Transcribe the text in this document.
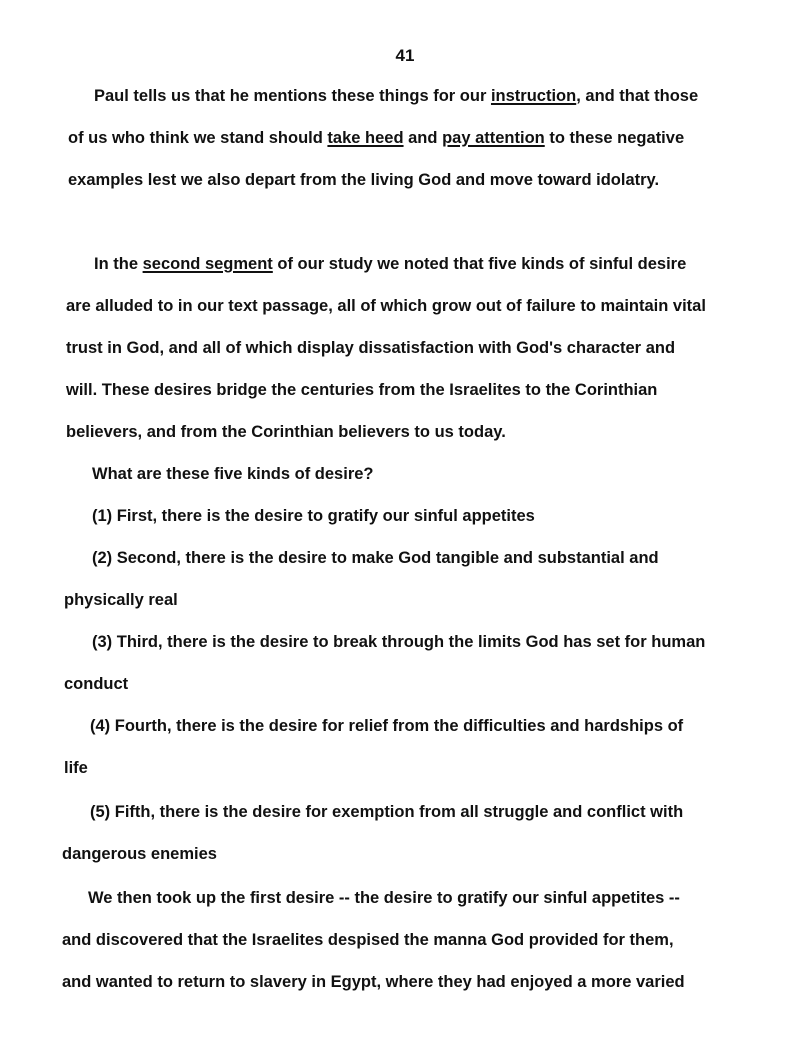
41
Paul tells us that he mentions these things for our instruction, and that those
of us who think we stand should take heed and pay attention to these negative
examples lest we also depart from the living God and move toward idolatry.
In the second segment of our study we noted that five kinds of sinful desire
are alluded to in our text passage, all of which grow out of failure to maintain vital
trust in God, and all of which display dissatisfaction with God's character and
will. These desires bridge the centuries from the Israelites to the Corinthian
believers, and from the Corinthian believers to us today.
What are these five kinds of desire?
(1) First, there is the desire to gratify our sinful appetites
(2) Second, there is the desire to make God tangible and substantial and
physically real
(3) Third, there is the desire to break through the limits God has set for human
conduct
(4) Fourth, there is the desire for relief from the difficulties and hardships of
life
(5) Fifth, there is the desire for exemption from all struggle and conflict with
dangerous enemies
We then took up the first desire -- the desire to gratify our sinful appetites --
and discovered that the Israelites despised the manna God provided for them,
and wanted to return to slavery in Egypt, where they had enjoyed a more varied
